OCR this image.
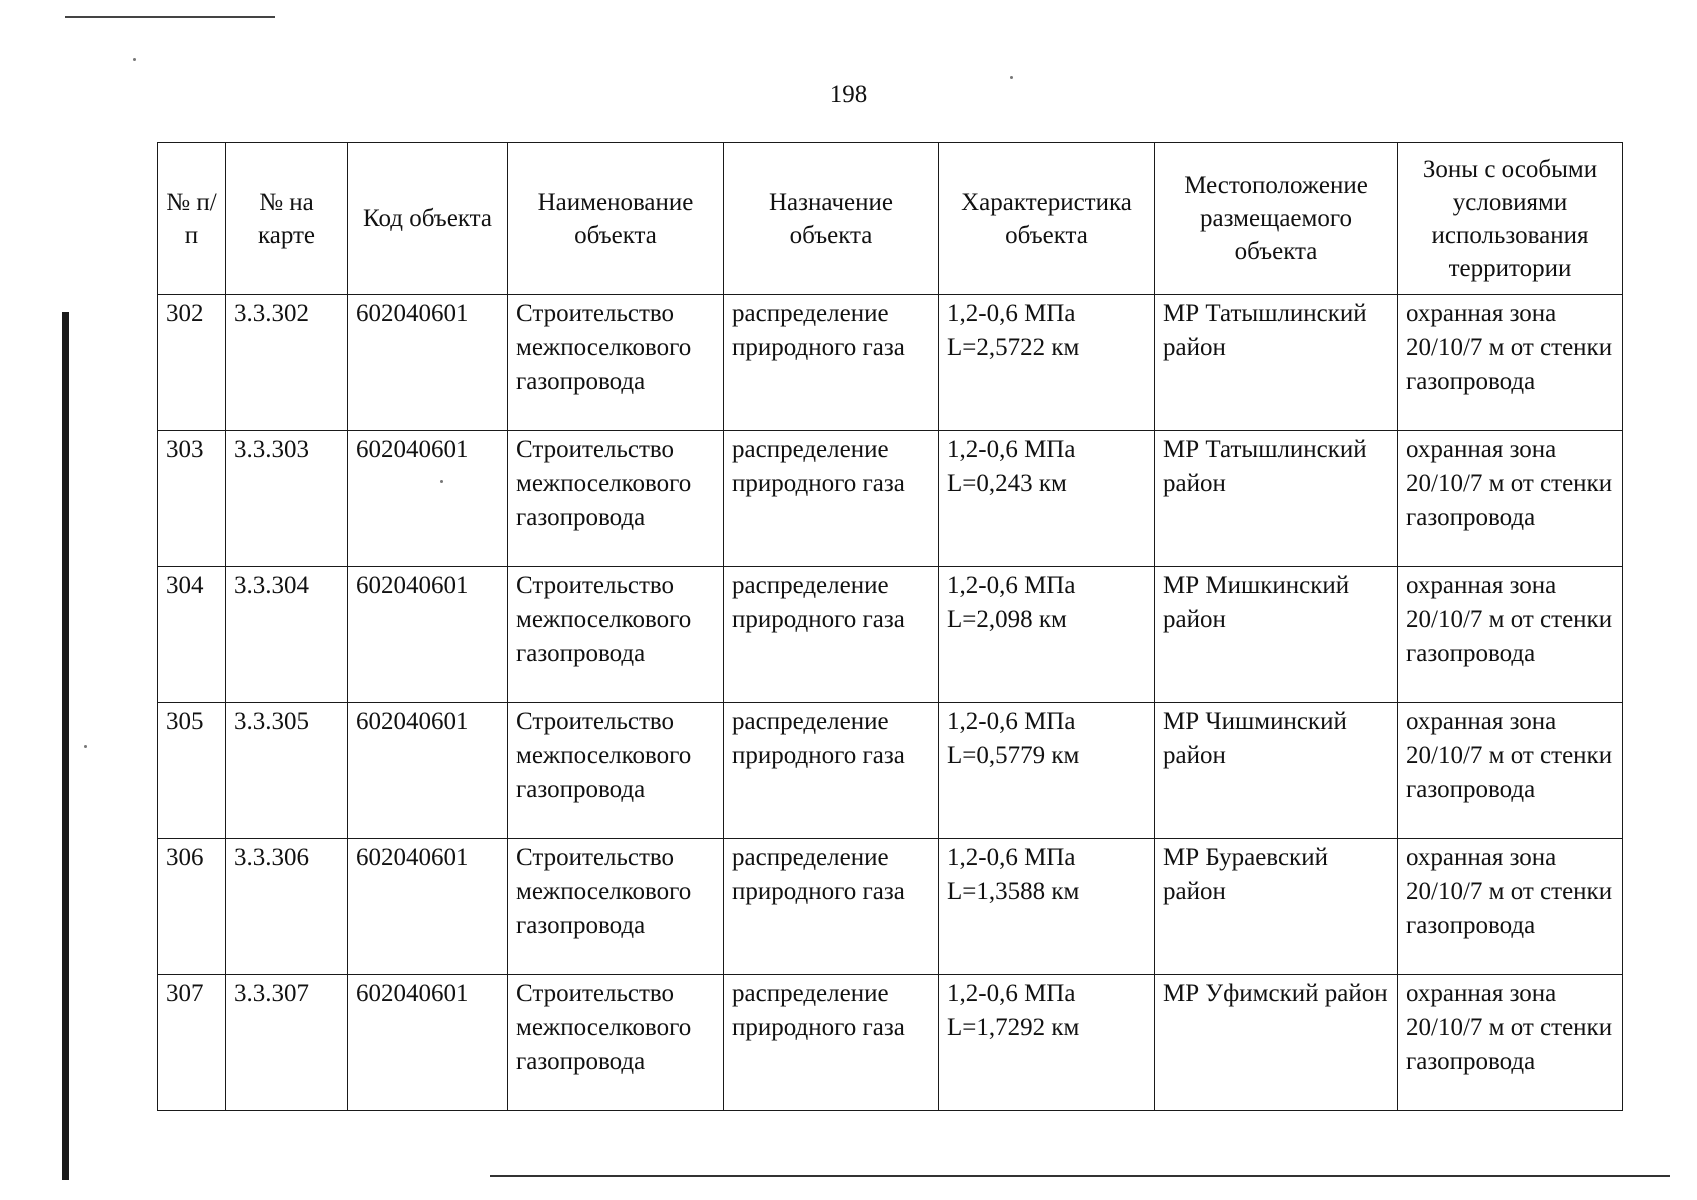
198
№ п/п	№ на карте	Код объекта	Наименование объекта	Назначение объекта	Характеристика объекта	Местоположение размещаемого объекта	Зоны с особыми условиями использования территории
302	3.3.302	602040601	Строительство межпоселкового газопровода	распределение природного газа	1,2-0,6 МПа L=2,5722 км	МР Татышлинский район	охранная зона 20/10/7 м от стенки газопровода
303	3.3.303	602040601	Строительство межпоселкового газопровода	распределение природного газа	1,2-0,6 МПа L=0,243 км	МР Татышлинский район	охранная зона 20/10/7 м от стенки газопровода
304	3.3.304	602040601	Строительство межпоселкового газопровода	распределение природного газа	1,2-0,6 МПа L=2,098 км	МР Мишкинский район	охранная зона 20/10/7 м от стенки газопровода
305	3.3.305	602040601	Строительство межпоселкового газопровода	распределение природного газа	1,2-0,6 МПа L=0,5779 км	МР Чишминский район	охранная зона 20/10/7 м от стенки газопровода
306	3.3.306	602040601	Строительство межпоселкового газопровода	распределение природного газа	1,2-0,6 МПа L=1,3588 км	МР Бураевский район	охранная зона 20/10/7 м от стенки газопровода
307	3.3.307	602040601	Строительство межпоселкового газопровода	распределение природного газа	1,2-0,6 МПа L=1,7292 км	МР Уфимский район	охранная зона 20/10/7 м от стенки газопровода
